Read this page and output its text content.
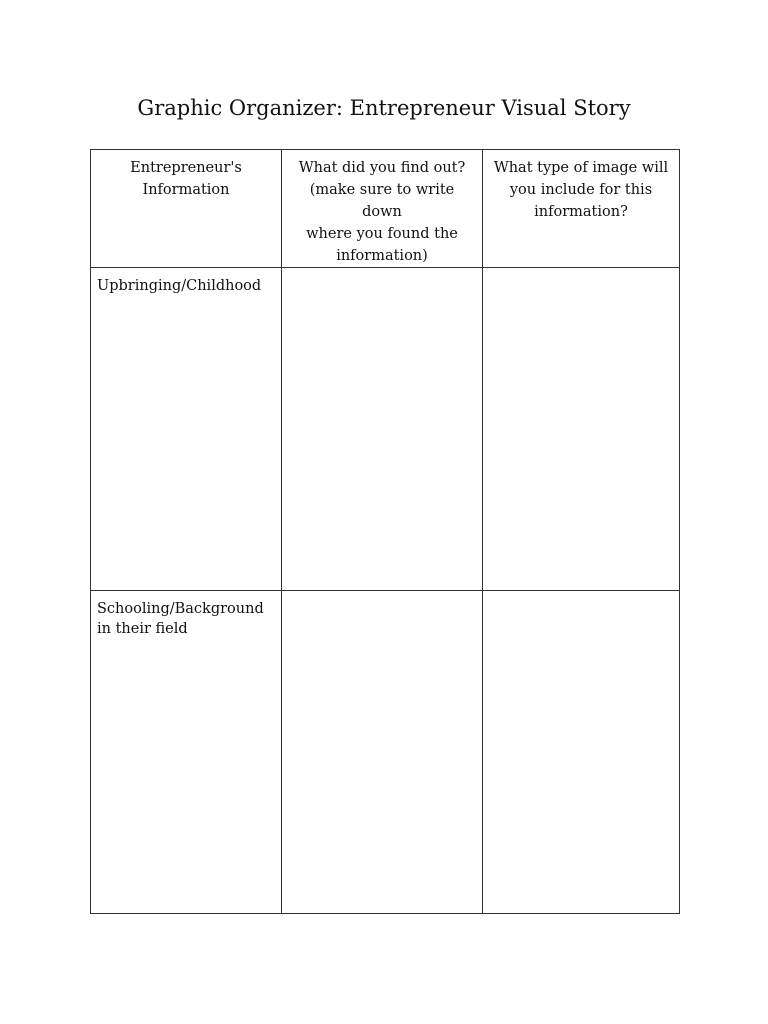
Graphic Organizer: Entrepreneur Visual Story
Entrepreneur's
Information	What did you find out?
(make sure to write down
where you found the
information)	What type of image will
you include for this
information?

Upbringing/Childhood		

Schooling/Background
in their field		
